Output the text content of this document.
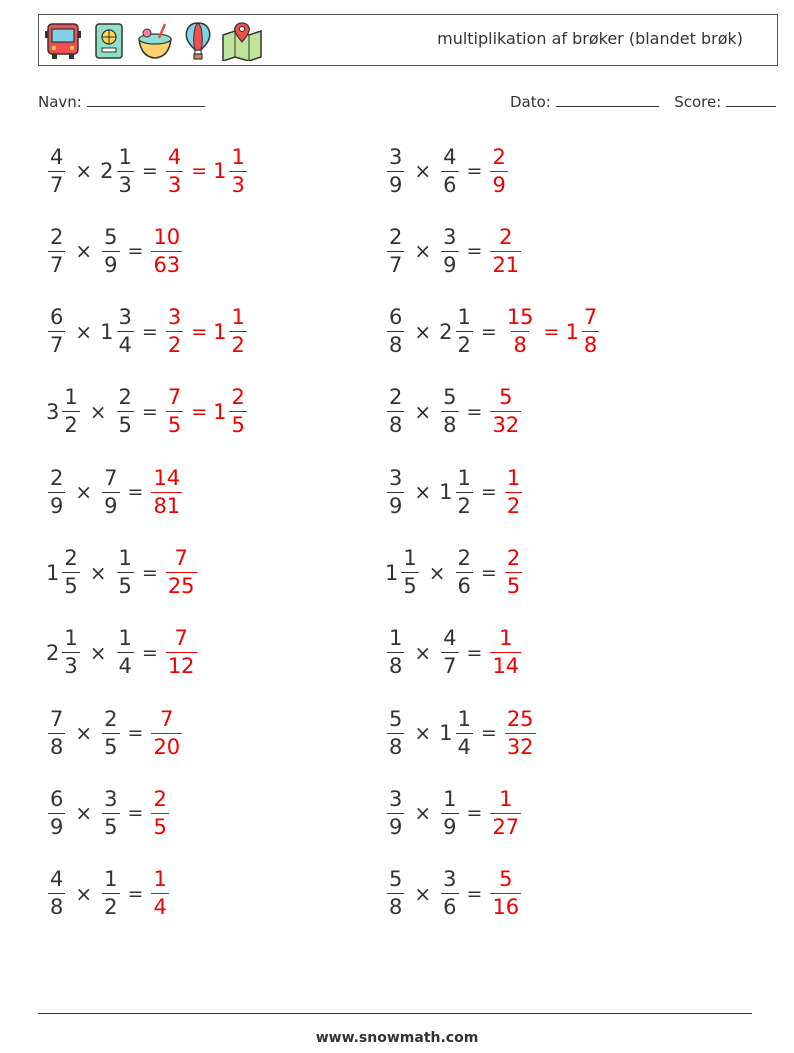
multiplikation af brøker (blandet brøk)
Navn:	Dato:	Score:
$\frac{4}{7} \times 2 \frac{1}{3} = \frac{4}{3} = 1 \frac{1}{3}$	$\frac{3}{9} \times \frac{4}{6} = \frac{2}{9}$
$\frac{2}{7} \times \frac{5}{9} = \frac{10}{63}$	$\frac{2}{7} \times \frac{3}{9} = \frac{2}{21}$
$\frac{6}{7} \times 1 \frac{3}{4} = \frac{3}{2} = 1 \frac{1}{2}$	$\frac{6}{8} \times 2 \frac{1}{2} = \frac{15}{8} = 1 \frac{7}{8}$
$3 \frac{1}{2} \times \frac{2}{5} = \frac{7}{5} = 1 \frac{2}{5}$	$\frac{2}{8} \times \frac{5}{8} = \frac{5}{32}$
$\frac{2}{9} \times \frac{7}{9} = \frac{14}{81}$	$\frac{3}{9} \times 1 \frac{1}{2} = \frac{1}{2}$
$1 \frac{2}{5} \times \frac{1}{5} = \frac{7}{25}$	$1 \frac{1}{5} \times \frac{2}{6} = \frac{2}{5}$
$2 \frac{1}{3} \times \frac{1}{4} = \frac{7}{12}$	$\frac{1}{8} \times \frac{4}{7} = \frac{1}{14}$
$\frac{7}{8} \times \frac{2}{5} = \frac{7}{20}$	$\frac{5}{8} \times 1 \frac{1}{4} = \frac{25}{32}$
$\frac{6}{9} \times \frac{3}{5} = \frac{2}{5}$	$\frac{3}{9} \times \frac{1}{9} = \frac{1}{27}$
$\frac{4}{8} \times \frac{1}{2} = \frac{1}{4}$	$\frac{5}{8} \times \frac{3}{6} = \frac{5}{16}$
www.snowmath.com
